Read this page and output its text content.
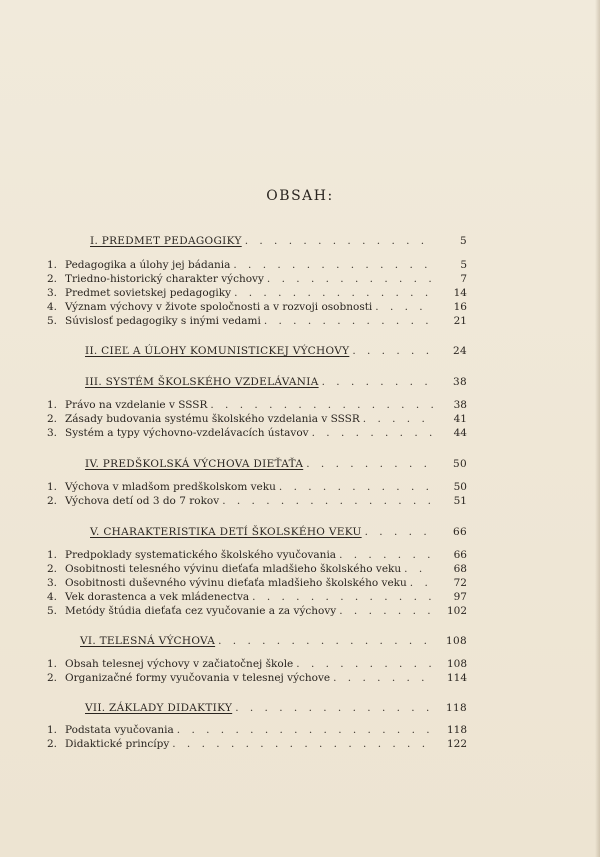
OBSAH:
I. PREDMET PEDAGOGIKY . . .	5
1. Pedagogika a úlohy jej bádania . . .	5
2. Triedno-historický charakter výchovy . . .	7
3. Predmet sovietskej pedagogiky . . .	14
4. Význam výchovy v živote spoločnosti a v rozvoji osobnosti . . .	16
5. Súvislosť pedagogiky s inými vedami . . .	21
II. CIEĽ A ÚLOHY KOMUNISTICKEJ VÝCHOVY . . .	24
III. SYSTÉM ŠKOLSKÉHO VZDELÁVANIA . . .	38
1. Právo na vzdelanie v SSSR . . .	38
2. Zásady budovania systému školského vzdelania v SSSR . . .	41
3. Systém a typy výchovno-vzdelávacích ústavov . . .	44
IV. PREDŠKOLSKÁ VÝCHOVA DIEŤAŤA . . .	50
1. Výchova v mladšom predškolskom veku . . .	50
2. Výchova detí od 3 do 7 rokov . . .	51
V. CHARAKTERISTIKA DETÍ ŠKOLSKÉHO VEKU . . .	66
1. Predpoklady systematického školského vyučovania . . .	66
2. Osobitnosti telesného vývinu dieťaťa mladšieho školského veku . . .	68
3. Osobitnosti duševného vývinu dieťaťa mladšieho školského veku . . .	72
4. Vek dorastenca a vek mládenectva . . .	97
5. Metódy štúdia dieťaťa cez vyučovanie a za výchovy . . .	102
VI. TELESNÁ VÝCHOVA . . .	108
1. Obsah telesnej výchovy v začiatočnej škole . . .	108
2. Organizačné formy vyučovania v telesnej výchove . . .	114
VII. ZÁKLADY DIDAKTIKY . . .	118
1. Podstata vyučovania . . .	118
2. Didaktické princípy . . .	122
